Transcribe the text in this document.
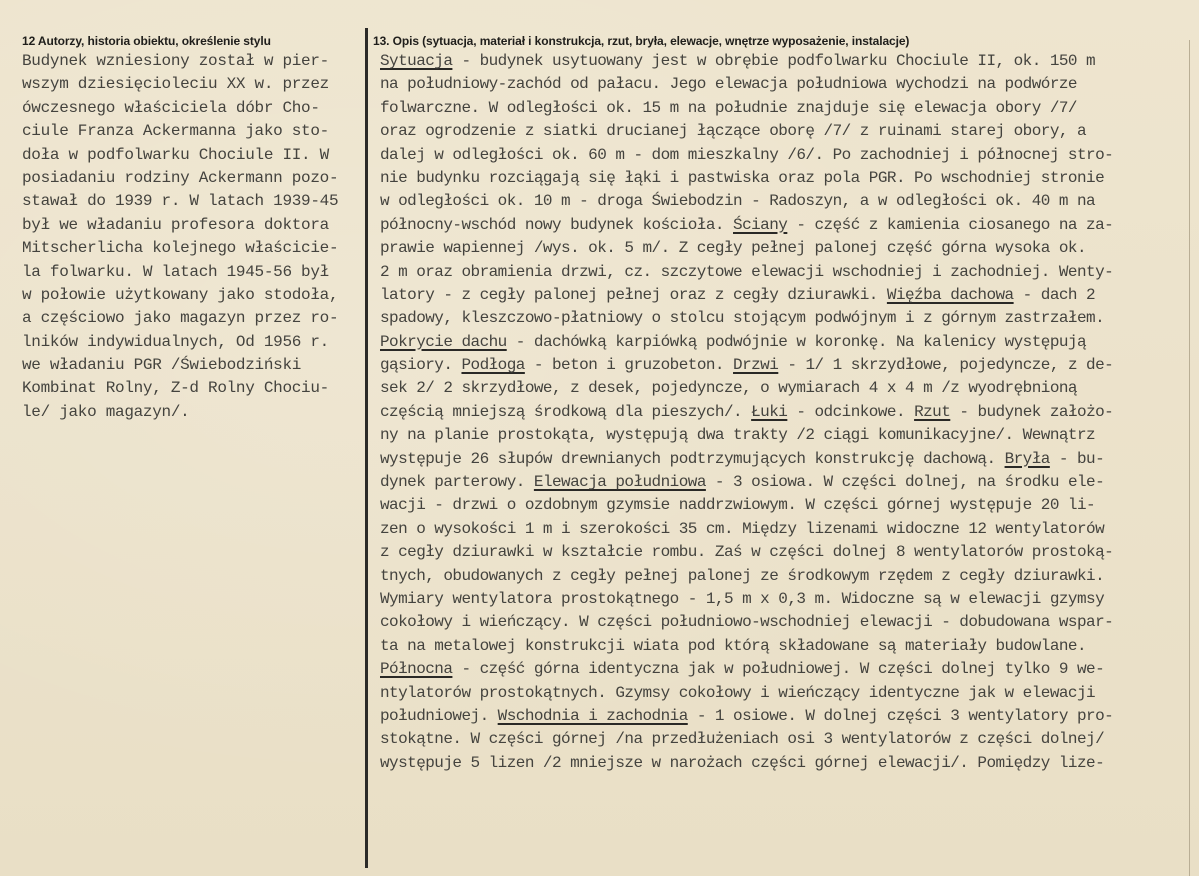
12 Autorzy, historia obiektu, określenie stylu	13. Opis (sytuacja, materiał i konstrukcja, rzut, bryła, elewacje, wnętrze wyposażenie, instalacje)
Budynek wzniesiony został w pier-
wszym dziesięcioleciu XX w. przez
ówczesnego właściciela dóbr Cho-
ciule Franza Ackermanna jako sto-
doła w podfolwarku Chociule II. W
posiadaniu rodziny Ackermann pozo-
stawał do 1939 r. W latach 1939-45
był we władaniu profesora doktora
Mitscherlicha kolejnego właściciе-
la folwarku. W latach 1945-56 był
w połowie użytkowany jako stodoła,
a częściowo jako magazyn przez ro-
lników indywidualnych, Od 1956 r.
we władaniu PGR /Świebodziński
Kombinat Rolny, Z-d Rolny Chociu-
le/ jako magazyn/.
Sytuacja - budynek usytuowany jest w obrębie podfolwarku Chociule II, ok. 150 m
na południowy-zachód od pałacu. Jego elewacja południowa wychodzi na podwórze
folwarczne. W odległości ok. 15 m na południe znajduje się elewacja obory /7/
oraz ogrodzenie z siatki drucianej łączące oborę /7/ z ruinami starej obory, a
dalej w odległości ok. 60 m - dom mieszkalny /6/. Po zachodniej i północnej stro-
nie budynku rozciągają się łąki i pastwiska oraz pola PGR. Po wschodniej stronie
w odległości ok. 10 m - droga Świebodzin - Radoszyn, a w odległości ok. 40 m na
północny-wschód nowy budynek kościoła. Ściany - część z kamienia ciosanego na za-
prawie wapiennej /wys. ok. 5 m/. Z cegły pełnej palonej część górna wysoka ok.
2 m oraz obramienia drzwi, cz. szczytowe elewacji wschodniej i zachodniej. Wenty-
latory - z cegły palonej pełnej oraz z cegły dziurawki. Więźba dachowa - dach 2
spadowy, kleszczowo-płatniowy o stolcu stojącym podwójnym i z górnym zastrzałem.
Pokrycie dachu - dachówką karpiówką podwójnie w koronkę. Na kalenicy występują
gąsiory. Podłoga - beton i gruzobeton. Drzwi - 1/ 1 skrzydłowe, pojedyncze, z de-
sek 2/ 2 skrzydłowe, z desek, pojedyncze, o wymiarach 4 x 4 m /z wyodrębnioną
częścią mniejszą środkową dla pieszych/. Łuki - odcinkowe. Rzut - budynek założo-
ny na planie prostokąta, występują dwa trakty /2 ciągi komunikacyjne/. Wewnątrz
występuje 26 słupów drewnianych podtrzymujących konstrukcję dachową. Bryła - bu-
dynek parterowy. Elewacja południowa - 3 osiowa. W części dolnej, na środku ele-
wacji - drzwi o ozdobnym gzymsie naddrzwiowym. W części górnej występuje 20 li-
zen o wysokości 1 m i szerokości 35 cm. Między lizenami widoczne 12 wentylatorów
z cegły dziurawki w kształcie rombu. Zaś w części dolnej 8 wentylatorów prostoką-
tnych, obudowanych z cegły pełnej palonej ze środkowym rzędem z cegły dziurawki.
Wymiary wentylatora prostokątnego - 1,5 m x 0,3 m. Widoczne są w elewacji gzymsy
cokołowy i wieńczący. W części południowo-wschodniej elewacji - dobudowana wspar-
ta na metalowej konstrukcji wiata pod którą składowane są materiały budowlane.
Północna - część górna identyczna jak w południowej. W części dolnej tylko 9 we-
ntylatorów prostokątnych. Gzymsy cokołowy i wieńczący identyczne jak w elewacji
południowej. Wschodnia i zachodnia - 1 osiowe. W dolnej części 3 wentylatory pro-
stokątne. W części górnej /na przedłużeniach osi 3 wentylatorów z części dolnej/
występuje 5 lizen /2 mniejsze w narożach części górnej elewacji/. Pomiędzy lize-
